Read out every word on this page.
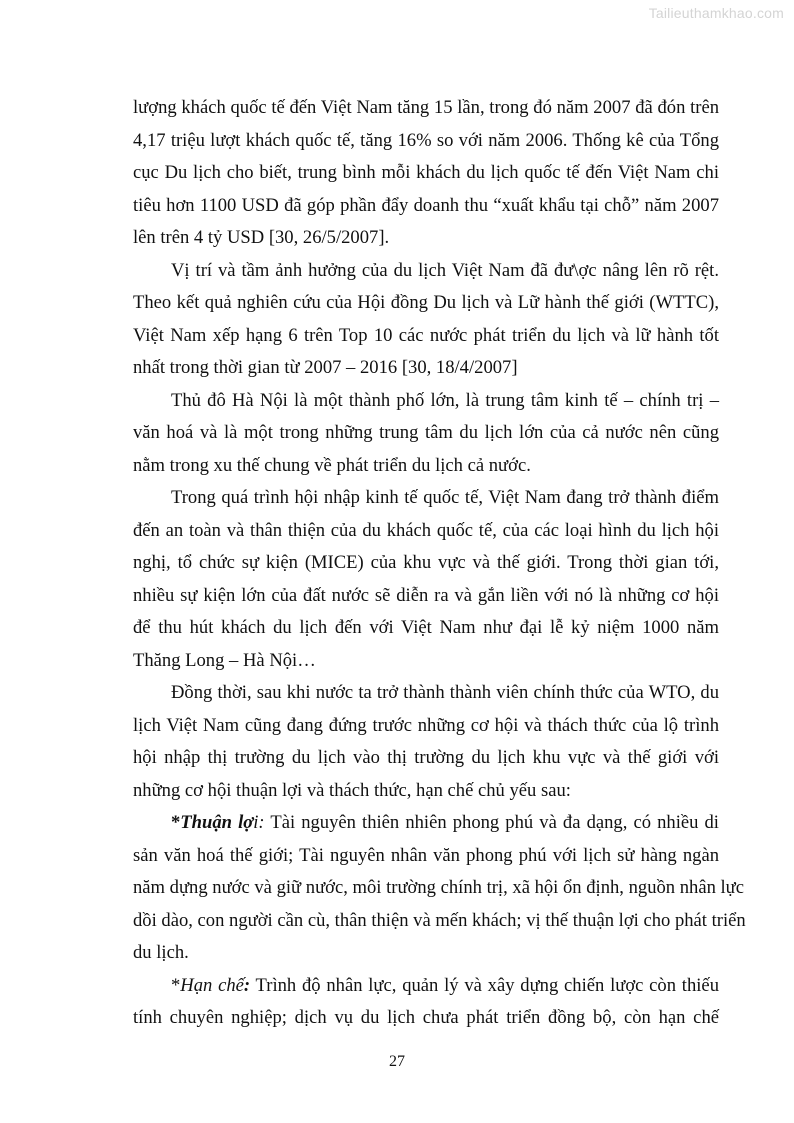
Tailieuthamkhao.com
lượng khách quốc tế đến Việt Nam tăng 15 lần, trong đó năm 2007 đã đón trên
4,17 triệu lượt khách quốc tế, tăng 16% so với năm 2006. Thống kê của Tổng
cục Du lịch cho biết, trung bình mỗi khách du lịch quốc tế đến Việt Nam chi
tiêu hơn 1100 USD đã góp phần đẩy doanh thu “xuất khẩu tại chỗ” năm 2007
lên trên 4 tỷ USD [30, 26/5/2007].
Vị trí và tầm ảnh hưởng của du lịch Việt Nam đã đư\ợc nâng lên rõ rệt.
Theo kết quả nghiên cứu của Hội đồng Du lịch và Lữ hành thế giới (WTTC),
Việt Nam xếp hạng 6 trên Top 10 các nước phát triển du lịch và lữ hành tốt
nhất trong thời gian từ 2007 – 2016 [30, 18/4/2007]
Thủ đô Hà Nội là một thành phố lớn, là trung tâm kinh tế – chính trị –
văn hoá và là một trong những trung tâm du lịch lớn của cả nước nên cũng
nằm trong xu thế chung về phát triển du lịch cả nước.
Trong quá trình hội nhập kinh tế quốc tế, Việt Nam đang trở thành điểm
đến an toàn và thân thiện của du khách quốc tế, của các loại hình du lịch hội
nghị, tổ chức sự kiện (MICE) của khu vực và thế giới. Trong thời gian tới,
nhiều sự kiện lớn của đất nước sẽ diễn ra và gắn liền với nó là những cơ hội
để thu hút khách du lịch đến với Việt Nam như đại lễ kỷ niệm 1000 năm
Thăng Long – Hà Nội…
Đồng thời, sau khi nước ta trở thành thành viên chính thức của WTO, du
lịch Việt Nam cũng đang đứng trước những cơ hội và thách thức của lộ trình
hội nhập thị trường du lịch vào thị trường du lịch khu vực và thế giới với
những cơ hội thuận lợi và thách thức, hạn chế chủ yếu sau:
*Thuận lợi: Tài nguyên thiên nhiên phong phú và đa dạng, có nhiều di
sản văn hoá thế giới; Tài nguyên nhân văn phong phú với lịch sử hàng ngàn
năm dựng nước và giữ nước, môi trường chính trị, xã hội ổn định, nguồn nhân lực
dồi dào, con người cần cù, thân thiện và mến khách; vị thế thuận lợi cho phát triển
du lịch.
*Hạn chế: Trình độ nhân lực, quản lý và xây dựng chiến lược còn thiếu
tính chuyên nghiệp; dịch vụ du lịch chưa phát triển đồng bộ, còn hạn chế
27
